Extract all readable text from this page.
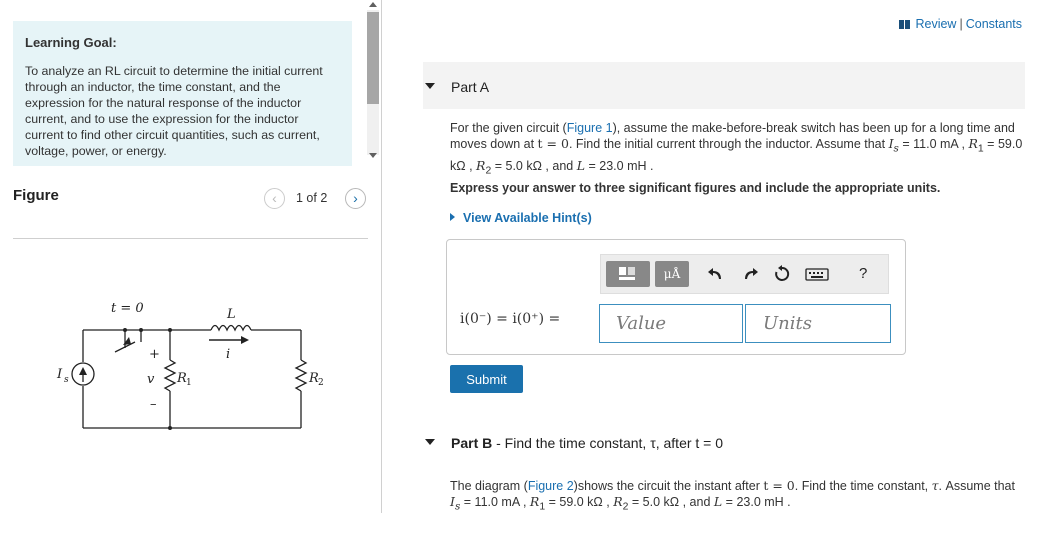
Learning Goal:

To analyze an RL circuit to determine the initial current through an inductor, the time constant, and the expression for the natural response of the inductor current, and to use the expression for the inductor current to find other circuit quantities, such as current, voltage, power, or energy.

Figure	‹	1 of 2	›
t = 0	L
i
I s	v R 1	R 2
+
–
Review | Constants
Part A
For the given circuit (Figure 1), assume the make-before-break switch has been up for a long time and moves down at t = 0. Find the initial current through the inductor. Assume that $I_s = 11.0$ mA , $R_1 = 59.0$ kΩ , $R_2 = 5.0$ kΩ , and L = 23.0 mH .
Express your answer to three significant figures and include the appropriate units.
View Available Hint(s)
μÅ	?
i(0⁻) = i(0⁺) =
Value
Units
Submit
Part B - Find the time constant, τ, after t = 0
The diagram (Figure 2)shows the circuit the instant after t = 0. Find the time constant, τ. Assume that $I_s = 11.0$ mA , $R_1 = 59.0$ kΩ , $R_2 = 5.0$ kΩ , and L = 23.0 mH .
